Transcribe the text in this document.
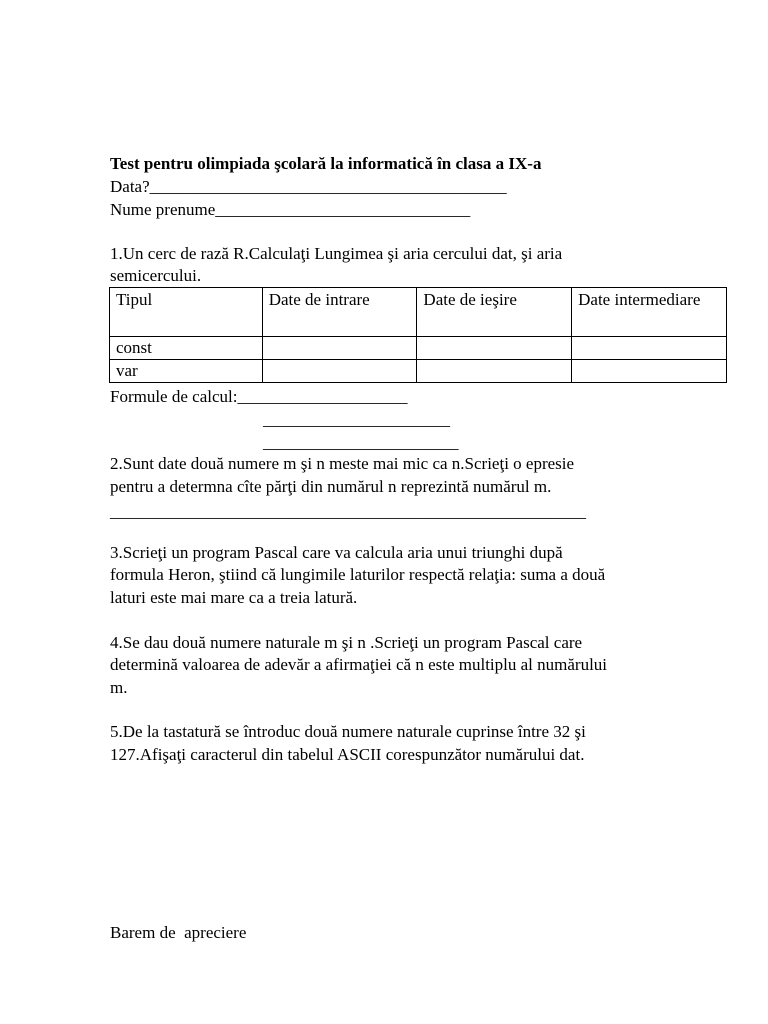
Test pentru olimpiada şcolară la informatică în clasa a IX-a
Data?__________________________________________
Nume prenume______________________________
1.Un cerc de rază R.Calculaţi Lungimea şi aria cercului dat, şi aria
semicercului.
Tipul	Date de intrare	Date de ieşire	Date intermediare
const			
var			
Formule de calcul:____________________
______________________
_______________________
2.Sunt date două numere m şi n meste mai mic ca n.Scrieţi o epresie
pentru a determna cîte părţi din numărul n reprezintă numărul m.
________________________________________________________
3.Scrieţi un program Pascal care va calcula aria unui triunghi după
formula Heron, ştiind că lungimile laturilor respectă relaţia: suma a două
laturi este mai mare ca a treia latură.
4.Se dau două numere naturale m şi n .Scrieţi un program Pascal care
determină valoarea de adevăr a afirmaţiei că n este multiplu al numărului
m.
5.De la tastatură se întroduc două numere naturale cuprinse între 32 şi
127.Afişaţi caracterul din tabelul ASCII corespunzător numărului dat.
Barem de  apreciere
